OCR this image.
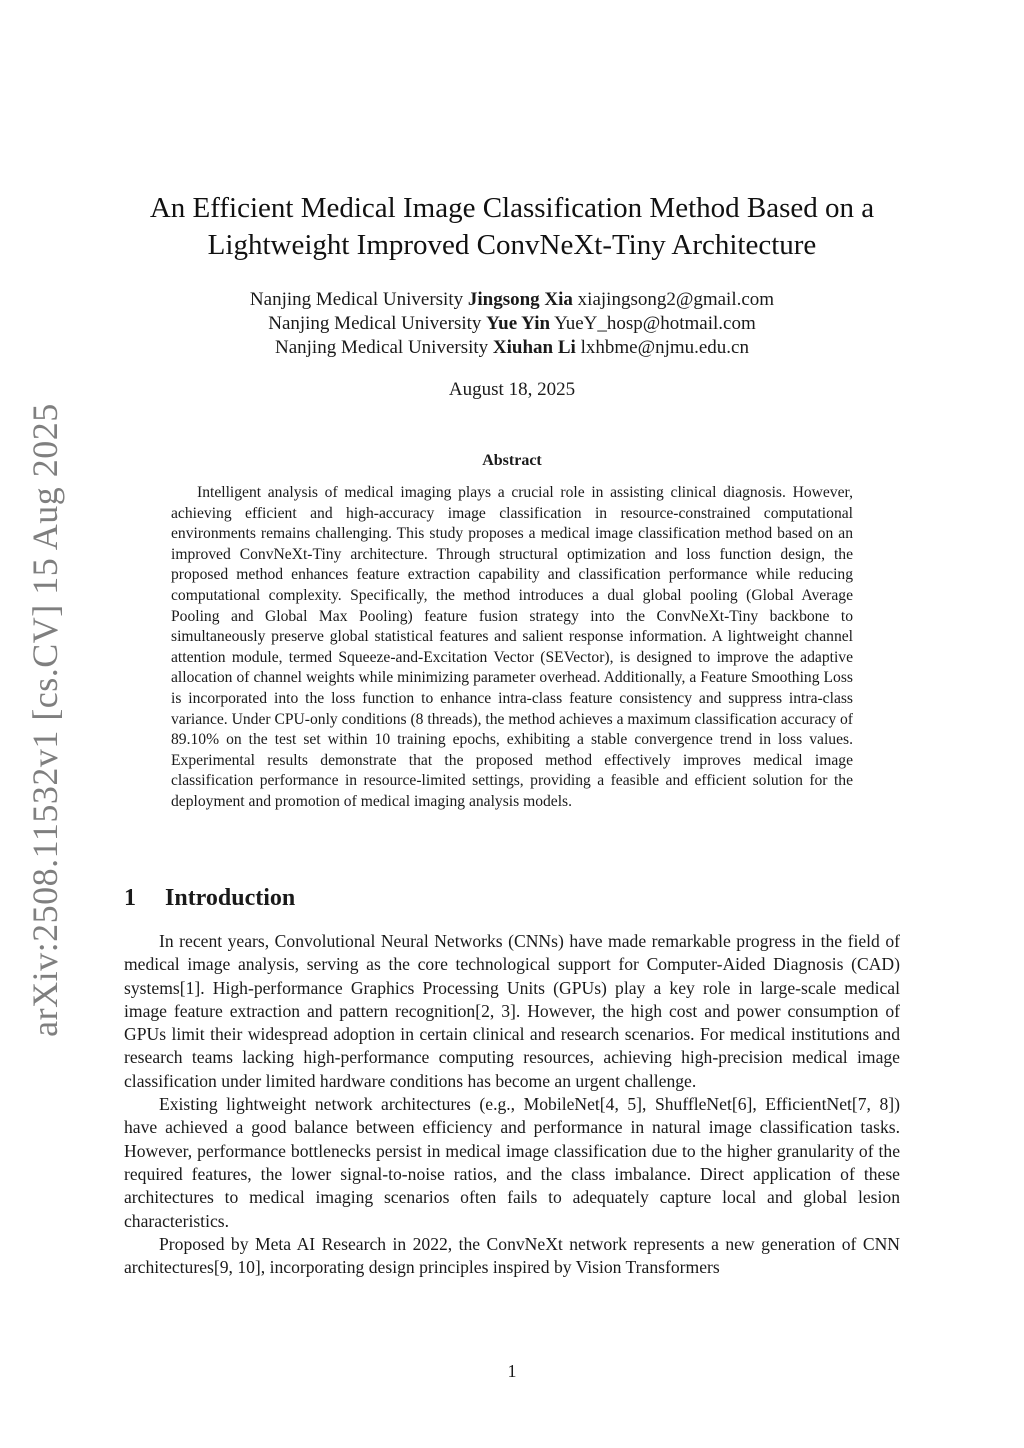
arXiv:2508.11532v1 [cs.CV] 15 Aug 2025
An Efficient Medical Image Classification Method Based on a
Lightweight Improved ConvNeXt-Tiny Architecture
Nanjing Medical University Jingsong Xia xiajingsong2@gmail.com
Nanjing Medical University Yue Yin YueY_hosp@hotmail.com
Nanjing Medical University Xiuhan Li lxhbme@njmu.edu.cn
August 18, 2025
Abstract

Intelligent analysis of medical imaging plays a crucial role in assisting clinical diagnosis. However, achieving efficient and high-accuracy image classification in resource-constrained computational environments remains challenging. This study proposes a medical image classification method based on an improved ConvNeXt-Tiny architecture. Through structural optimization and loss function design, the proposed method enhances feature extraction capability and classification performance while reducing computational complexity. Specifically, the method introduces a dual global pooling (Global Average Pooling and Global Max Pooling) feature fusion strategy into the ConvNeXt-Tiny backbone to simultaneously preserve global statistical features and salient response information. A lightweight channel attention module, termed Squeeze-and-Excitation Vector (SEVector), is designed to improve the adaptive allocation of channel weights while minimizing parameter overhead. Additionally, a Feature Smoothing Loss is incorporated into the loss function to enhance intra-class feature consistency and suppress intra-class variance. Under CPU-only conditions (8 threads), the method achieves a maximum classification accuracy of 89.10% on the test set within 10 training epochs, exhibiting a stable convergence trend in loss values. Experimental results demonstrate that the proposed method effectively improves medical image classification performance in resource-limited settings, providing a feasible and efficient solution for the deployment and promotion of medical imaging analysis models.

1 Introduction

In recent years, Convolutional Neural Networks (CNNs) have made remarkable progress in the field of medical image analysis, serving as the core technological support for Computer-Aided Diagnosis (CAD) systems[1]. High-performance Graphics Processing Units (GPUs) play a key role in large-scale medical image feature extraction and pattern recognition[2, 3]. However, the high cost and power consumption of GPUs limit their widespread adoption in certain clinical and research scenarios. For medical institutions and research teams lacking high-performance computing resources, achieving high-precision medical image classification under limited hardware conditions has become an urgent challenge.

Existing lightweight network architectures (e.g., MobileNet[4, 5], ShuffleNet[6], EfficientNet[7, 8]) have achieved a good balance between efficiency and performance in natural image classification tasks. However, performance bottlenecks persist in medical image classification due to the higher granularity of the required features, the lower signal-to-noise ratios, and the class imbalance. Direct application of these architectures to medical imaging scenarios often fails to adequately capture local and global lesion characteristics.

Proposed by Meta AI Research in 2022, the ConvNeXt network represents a new generation of CNN architectures[9, 10], incorporating design principles inspired by Vision Transformers

1
